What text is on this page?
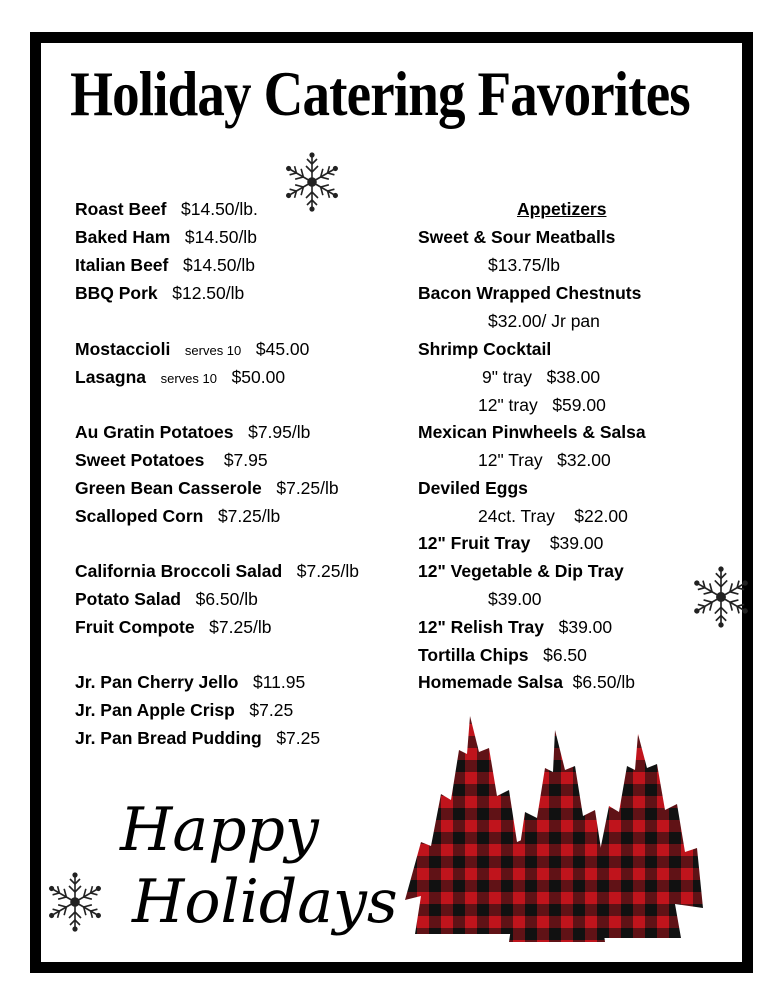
Holiday Catering Favorites
Roast Beef $14.50/lb.
Baked Ham $14.50/lb
Italian Beef $14.50/lb
BBQ Pork $12.50/lb
Mostaccioli serves 10 $45.00
Lasagna serves 10 $50.00
Au Gratin Potatoes $7.95/lb
Sweet Potatoes $7.95
Green Bean Casserole $7.25/lb
Scalloped Corn $7.25/lb
California Broccoli Salad $7.25/lb
Potato Salad $6.50/lb
Fruit Compote $7.25/lb
Jr. Pan Cherry Jello $11.95
Jr. Pan Apple Crisp $7.25
Jr. Pan Bread Pudding $7.25
Appetizers
Sweet & Sour Meatballs
$13.75/lb
Bacon Wrapped Chestnuts
$32.00/ Jr pan
Shrimp Cocktail
9" tray $38.00
12" tray $59.00
Mexican Pinwheels & Salsa
12" Tray $32.00
Deviled Eggs
24ct. Tray $22.00
12" Fruit Tray $39.00
12" Vegetable & Dip Tray
$39.00
12" Relish Tray $39.00
Tortilla Chips $6.50
Homemade Salsa $6.50/lb
Happy
Holidays
